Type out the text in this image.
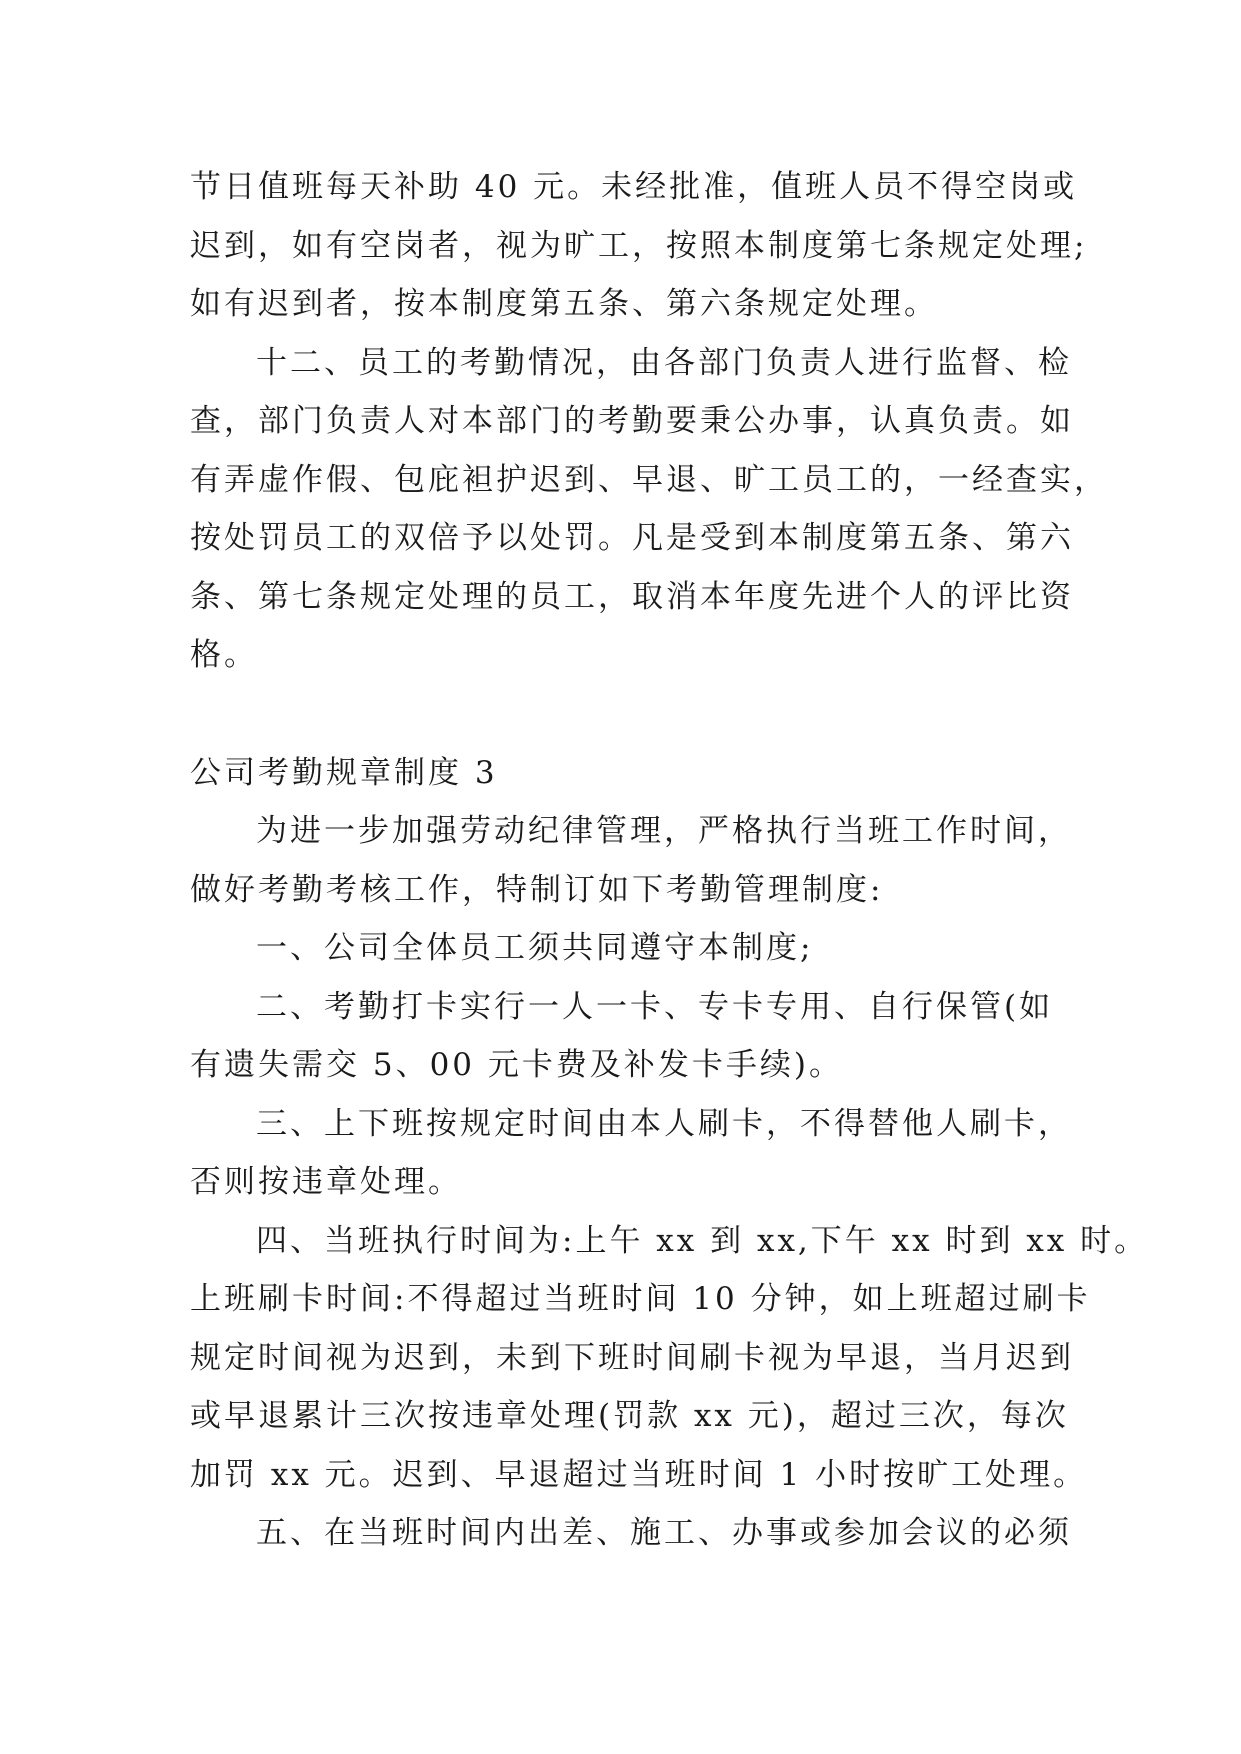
节日值班每天补助 40 元。未经批准，值班人员不得空岗或
迟到，如有空岗者，视为旷工，按照本制度第七条规定处理;
如有迟到者，按本制度第五条、第六条规定处理。
十二、员工的考勤情况，由各部门负责人进行监督、检
查，部门负责人对本部门的考勤要秉公办事，认真负责。如
有弄虚作假、包庇袒护迟到、早退、旷工员工的，一经查实，
按处罚员工的双倍予以处罚。凡是受到本制度第五条、第六
条、第七条规定处理的员工，取消本年度先进个人的评比资
格。
公司考勤规章制度 3
为进一步加强劳动纪律管理，严格执行当班工作时间，
做好考勤考核工作，特制订如下考勤管理制度:
一、公司全体员工须共同遵守本制度;
二、考勤打卡实行一人一卡、专卡专用、自行保管(如
有遗失需交 5、00 元卡费及补发卡手续)。
三、上下班按规定时间由本人刷卡，不得替他人刷卡，
否则按违章处理。
四、当班执行时间为:上午 xx 到 xx,下午 xx 时到 xx 时。
上班刷卡时间:不得超过当班时间 10 分钟，如上班超过刷卡
规定时间视为迟到，未到下班时间刷卡视为早退，当月迟到
或早退累计三次按违章处理(罚款 xx 元)，超过三次，每次
加罚 xx 元。迟到、早退超过当班时间 1 小时按旷工处理。
五、在当班时间内出差、施工、办事或参加会议的必须
